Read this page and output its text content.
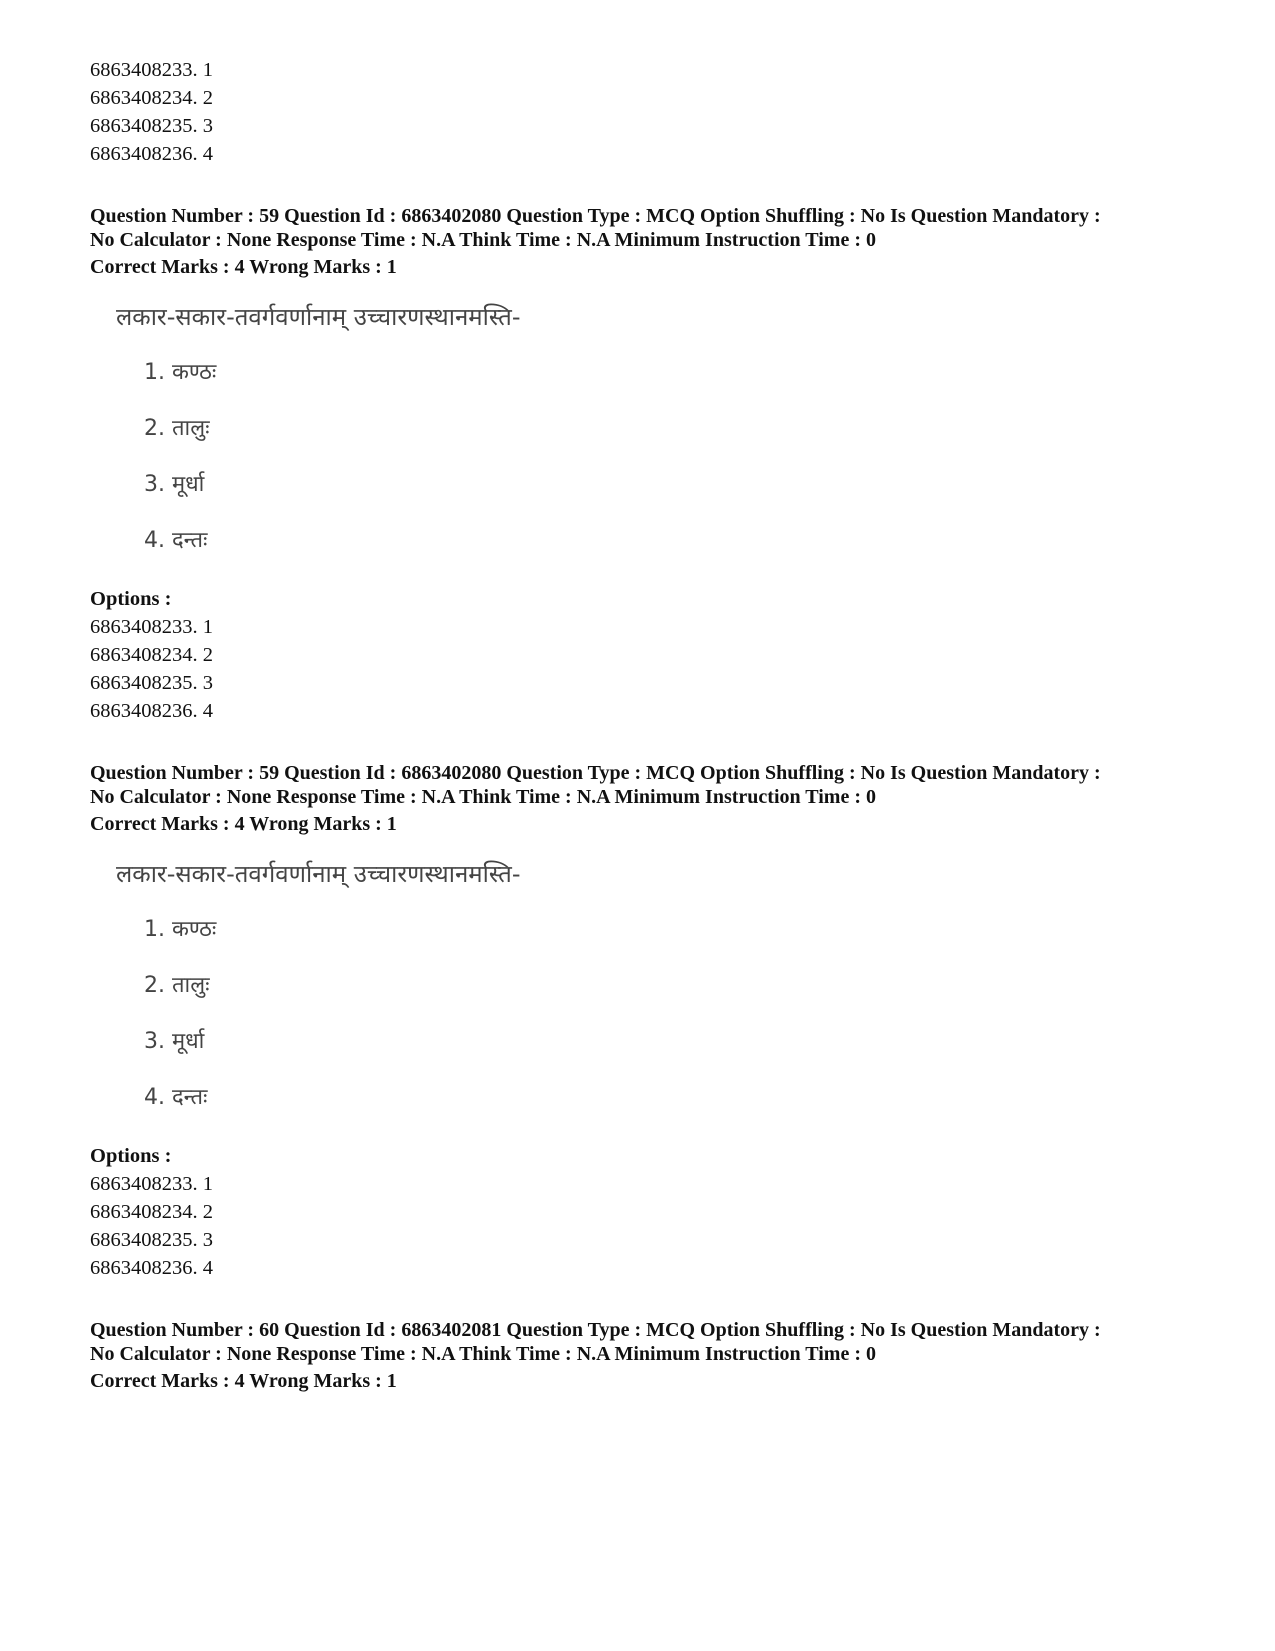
6863408233. 1
6863408234. 2
6863408235. 3
6863408236. 4
Question Number : 59 Question Id : 6863402080 Question Type : MCQ Option Shuffling : No Is Question Mandatory :
No Calculator : None Response Time : N.A Think Time : N.A Minimum Instruction Time : 0
Correct Marks : 4 Wrong Marks : 1
लकार-सकार-तवर्गवर्णानाम् उच्चारणस्थानमस्ति-
1. कण्ठः
2. तालुः
3. मूर्धा
4. दन्तः
Options :
6863408233. 1
6863408234. 2
6863408235. 3
6863408236. 4
Question Number : 59 Question Id : 6863402080 Question Type : MCQ Option Shuffling : No Is Question Mandatory :
No Calculator : None Response Time : N.A Think Time : N.A Minimum Instruction Time : 0
Correct Marks : 4 Wrong Marks : 1
लकार-सकार-तवर्गवर्णानाम् उच्चारणस्थानमस्ति-
1. कण्ठः
2. तालुः
3. मूर्धा
4. दन्तः
Options :
6863408233. 1
6863408234. 2
6863408235. 3
6863408236. 4
Question Number : 60 Question Id : 6863402081 Question Type : MCQ Option Shuffling : No Is Question Mandatory :
No Calculator : None Response Time : N.A Think Time : N.A Minimum Instruction Time : 0
Correct Marks : 4 Wrong Marks : 1
